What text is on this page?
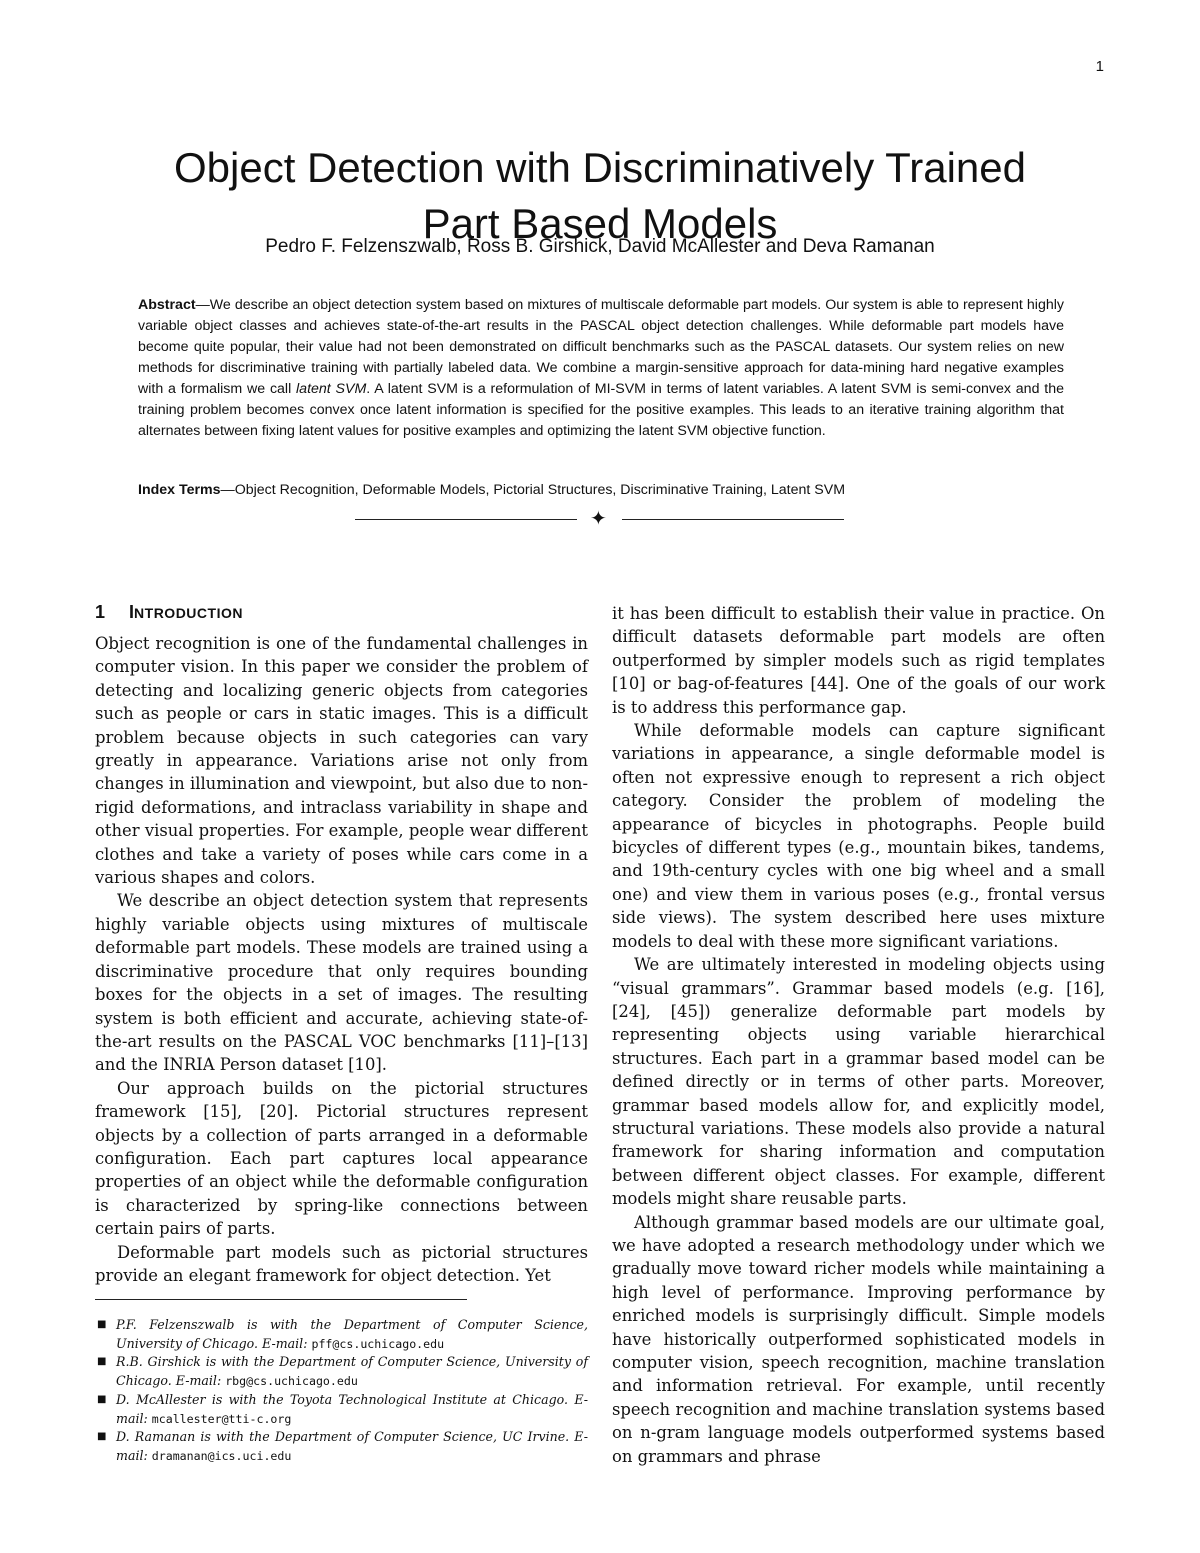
1
Object Detection with Discriminatively Trained
Part Based Models
Pedro F. Felzenszwalb, Ross B. Girshick, David McAllester and Deva Ramanan

Abstract—We describe an object detection system based on mixtures of multiscale deformable part models. Our system is able to represent highly variable object classes and achieves state-of-the-art results in the PASCAL object detection challenges. While deformable part models have become quite popular, their value had not been demonstrated on difficult benchmarks such as the PASCAL datasets. Our system relies on new methods for discriminative training with partially labeled data. We combine a margin-sensitive approach for data-mining hard negative examples with a formalism we call latent SVM. A latent SVM is a reformulation of MI-SVM in terms of latent variables. A latent SVM is semi-convex and the training problem becomes convex once latent information is specified for the positive examples. This leads to an iterative training algorithm that alternates between fixing latent values for positive examples and optimizing the latent SVM objective function.

Index Terms—Object Recognition, Deformable Models, Pictorial Structures, Discriminative Training, Latent SVM

✦
1 INTRODUCTION

Object recognition is one of the fundamental challenges in computer vision. In this paper we consider the problem of detecting and localizing generic objects from categories such as people or cars in static images. This is a difficult problem because objects in such categories can vary greatly in appearance. Variations arise not only from changes in illumination and viewpoint, but also due to non-rigid deformations, and intraclass variability in shape and other visual properties. For example, people wear different clothes and take a variety of poses while cars come in a various shapes and colors.

We describe an object detection system that represents highly variable objects using mixtures of multiscale deformable part models. These models are trained using a discriminative procedure that only requires bounding boxes for the objects in a set of images. The resulting system is both efficient and accurate, achieving state-of-the-art results on the PASCAL VOC benchmarks [11]–[13] and the INRIA Person dataset [10].

Our approach builds on the pictorial structures framework [15], [20]. Pictorial structures represent objects by a collection of parts arranged in a deformable configuration. Each part captures local appearance properties of an object while the deformable configuration is characterized by spring-like connections between certain pairs of parts.

Deformable part models such as pictorial structures provide an elegant framework for object detection. Yet

it has been difficult to establish their value in practice. On difficult datasets deformable part models are often outperformed by simpler models such as rigid templates [10] or bag-of-features [44]. One of the goals of our work is to address this performance gap.

While deformable models can capture significant variations in appearance, a single deformable model is often not expressive enough to represent a rich object category. Consider the problem of modeling the appearance of bicycles in photographs. People build bicycles of different types (e.g., mountain bikes, tandems, and 19th-century cycles with one big wheel and a small one) and view them in various poses (e.g., frontal versus side views). The system described here uses mixture models to deal with these more significant variations.

We are ultimately interested in modeling objects using “visual grammars”. Grammar based models (e.g. [16], [24], [45]) generalize deformable part models by representing objects using variable hierarchical structures. Each part in a grammar based model can be defined directly or in terms of other parts. Moreover, grammar based models allow for, and explicitly model, structural variations. These models also provide a natural framework for sharing information and computation between different object classes. For example, different models might share reusable parts.

Although grammar based models are our ultimate goal, we have adopted a research methodology under which we gradually move toward richer models while maintaining a high level of performance. Improving performance by enriched models is surprisingly difficult. Simple models have historically outperformed sophisticated models in computer vision, speech recognition, machine translation and information retrieval. For example, until recently speech recognition and machine translation systems based on n-gram language models outperformed systems based on grammars and phrase

■ P.F. Felzenszwalb is with the Department of Computer Science, University of Chicago. E-mail: pff@cs.uchicago.edu
■ R.B. Girshick is with the Department of Computer Science, University of Chicago. E-mail: rbg@cs.uchicago.edu
■ D. McAllester is with the Toyota Technological Institute at Chicago. E-mail: mcallester@tti-c.org
■ D. Ramanan is with the Department of Computer Science, UC Irvine. E-mail: dramanan@ics.uci.edu
